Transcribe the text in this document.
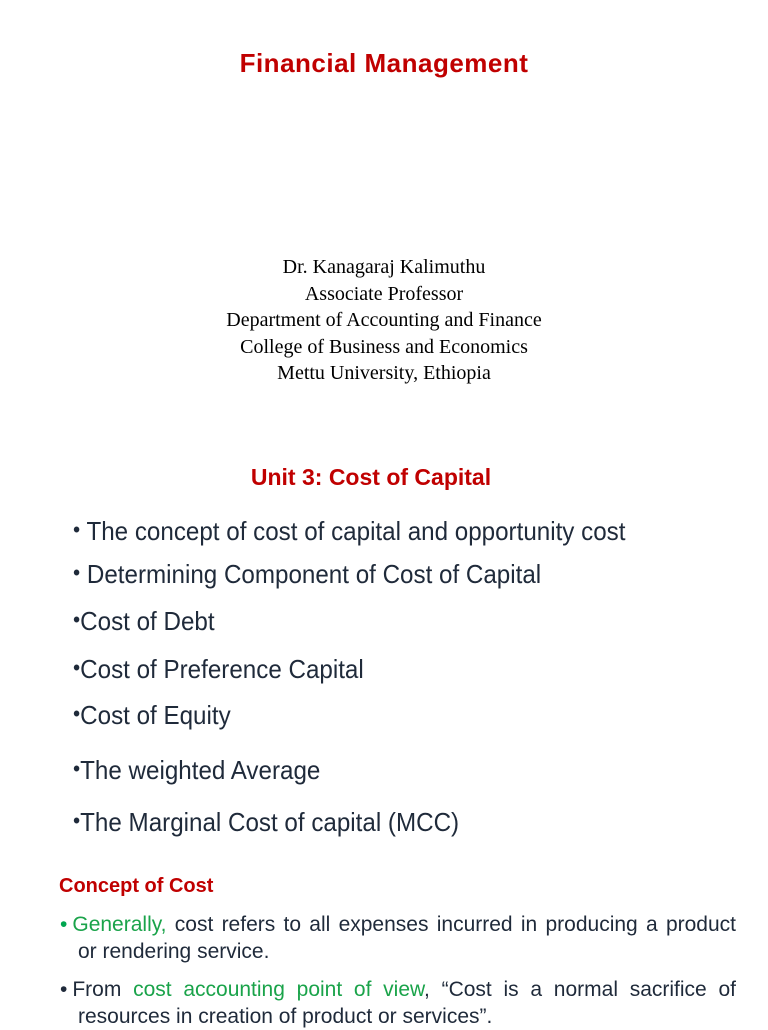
Financial Management
Dr. Kanagaraj Kalimuthu
Associate Professor
Department of Accounting and Finance
College of Business and Economics
Mettu University, Ethiopia
Unit 3: Cost of Capital
• The concept of cost of capital and opportunity cost
• Determining Component of Cost of Capital
•Cost of Debt
•Cost of Preference Capital
•Cost of Equity
•The weighted Average
•The Marginal Cost of capital (MCC)
Concept of Cost
• Generally, cost refers to all expenses incurred in producing a product
or rendering service.
• From cost accounting point of view, “Cost is a normal sacrifice of
resources in creation of product or services”.
